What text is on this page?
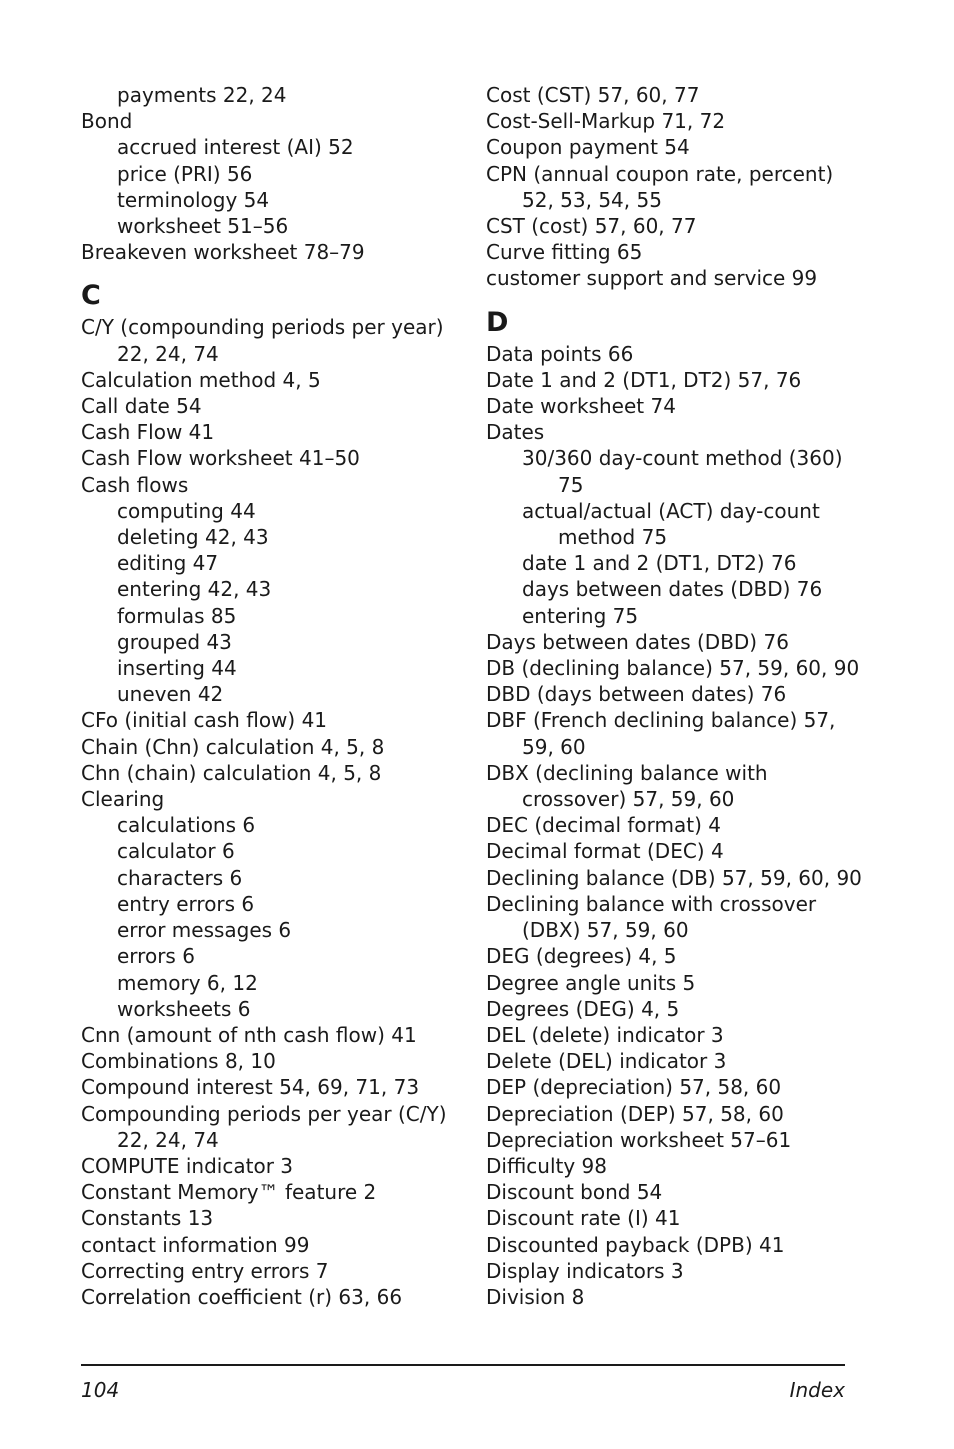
payments 22, 24
Bond
accrued interest (AI) 52
price (PRI) 56
terminology 54
worksheet 51–56
Breakeven worksheet 78–79
C
C/Y (compounding periods per year)
22, 24, 74
Calculation method 4, 5
Call date 54
Cash Flow 41
Cash Flow worksheet 41–50
Cash flows
computing 44
deleting 42, 43
editing 47
entering 42, 43
formulas 85
grouped 43
inserting 44
uneven 42
CFo (initial cash flow) 41
Chain (Chn) calculation 4, 5, 8
Chn (chain) calculation 4, 5, 8
Clearing
calculations 6
calculator 6
characters 6
entry errors 6
error messages 6
errors 6
memory 6, 12
worksheets 6
Cnn (amount of nth cash flow) 41
Combinations 8, 10
Compound interest 54, 69, 71, 73
Compounding periods per year (C/Y)
22, 24, 74
COMPUTE indicator 3
Constant Memory™ feature 2
Constants 13
contact information 99
Correcting entry errors 7
Correlation coefficient (r) 63, 66
Cost (CST) 57, 60, 77
Cost-Sell-Markup 71, 72
Coupon payment 54
CPN (annual coupon rate, percent)
52, 53, 54, 55
CST (cost) 57, 60, 77
Curve fitting 65
customer support and service 99
D
Data points 66
Date 1 and 2 (DT1, DT2) 57, 76
Date worksheet 74
Dates
30/360 day-count method (360)
75
actual/actual (ACT) day-count
method 75
date 1 and 2 (DT1, DT2) 76
days between dates (DBD) 76
entering 75
Days between dates (DBD) 76
DB (declining balance) 57, 59, 60, 90
DBD (days between dates) 76
DBF (French declining balance) 57,
59, 60
DBX (declining balance with
crossover) 57, 59, 60
DEC (decimal format) 4
Decimal format (DEC) 4
Declining balance (DB) 57, 59, 60, 90
Declining balance with crossover
(DBX) 57, 59, 60
DEG (degrees) 4, 5
Degree angle units 5
Degrees (DEG) 4, 5
DEL (delete) indicator 3
Delete (DEL) indicator 3
DEP (depreciation) 57, 58, 60
Depreciation (DEP) 57, 58, 60
Depreciation worksheet 57–61
Difficulty 98
Discount bond 54
Discount rate (I) 41
Discounted payback (DPB) 41
Display indicators 3
Division 8
104	Index
